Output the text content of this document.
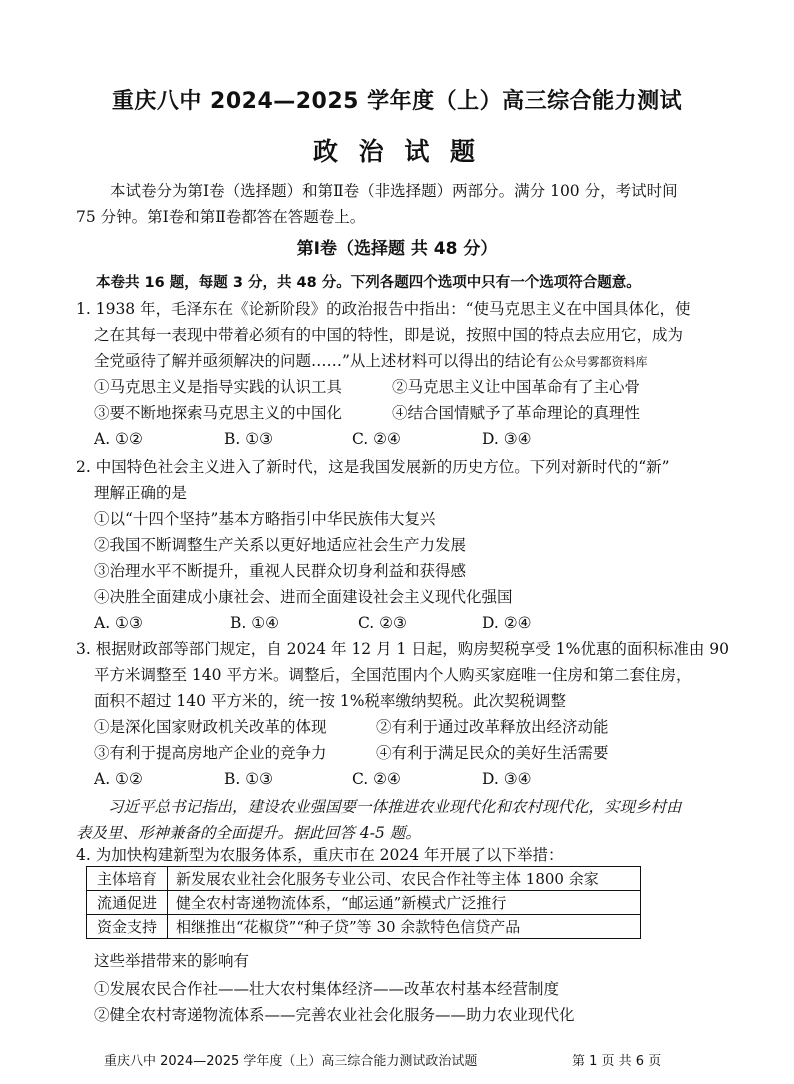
重庆八中 2024—2025 学年度（上）高三综合能力测试
政 治 试 题
本试卷分为第Ⅰ卷（选择题）和第Ⅱ卷（非选择题）两部分。满分 100 分，考试时间
75 分钟。第Ⅰ卷和第Ⅱ卷都答在答题卷上。
第Ⅰ卷（选择题 共 48 分）
本卷共 16 题，每题 3 分，共 48 分。下列各题四个选项中只有一个选项符合题意。
1. 1938 年，毛泽东在《论新阶段》的政治报告中指出：“使马克思主义在中国具体化，使
之在其每一表现中带着必须有的中国的特性，即是说，按照中国的特点去应用它，成为
全党亟待了解并亟须解决的问题……”从上述材料可以得出的结论有公众号雾都资料库
①马克思主义是指导实践的认识工具	②马克思主义让中国革命有了主心骨
③要不断地探索马克思主义的中国化	④结合国情赋予了革命理论的真理性
A. ①②	B. ①③	C. ②④	D. ③④
2. 中国特色社会主义进入了新时代，这是我国发展新的历史方位。下列对新时代的“新”
理解正确的是
①以“十四个坚持”基本方略指引中华民族伟大复兴
②我国不断调整生产关系以更好地适应社会生产力发展
③治理水平不断提升，重视人民群众切身利益和获得感
④决胜全面建成小康社会、进而全面建设社会主义现代化强国
A. ①③	B. ①④	C. ②③	D. ②④
3. 根据财政部等部门规定，自 2024 年 12 月 1 日起，购房契税享受 1%优惠的面积标准由 90
平方米调整至 140 平方米。调整后，全国范围内个人购买家庭唯一住房和第二套住房，
面积不超过 140 平方米的，统一按 1%税率缴纳契税。此次契税调整
①是深化国家财政机关改革的体现	②有利于通过改革释放出经济动能
③有利于提高房地产企业的竞争力	④有利于满足民众的美好生活需要
A. ①②	B. ①③	C. ②④	D. ③④
习近平总书记指出，建设农业强国要一体推进农业现代化和农村现代化，实现乡村由
表及里、形神兼备的全面提升。据此回答 4-5 题。
4. 为加快构建新型为农服务体系，重庆市在 2024 年开展了以下举措：
主体培育	新发展农业社会化服务专业公司、农民合作社等主体 1800 余家
流通促进	健全农村寄递物流体系，“邮运通”新模式广泛推行
资金支持	相继推出“花椒贷”“种子贷”等 30 余款特色信贷产品
这些举措带来的影响有
①发展农民合作社——壮大农村集体经济——改革农村基本经营制度
②健全农村寄递物流体系——完善农业社会化服务——助力农业现代化
重庆八中 2024—2025 学年度（上）高三综合能力测试政治试题	第 1 页 共 6 页
